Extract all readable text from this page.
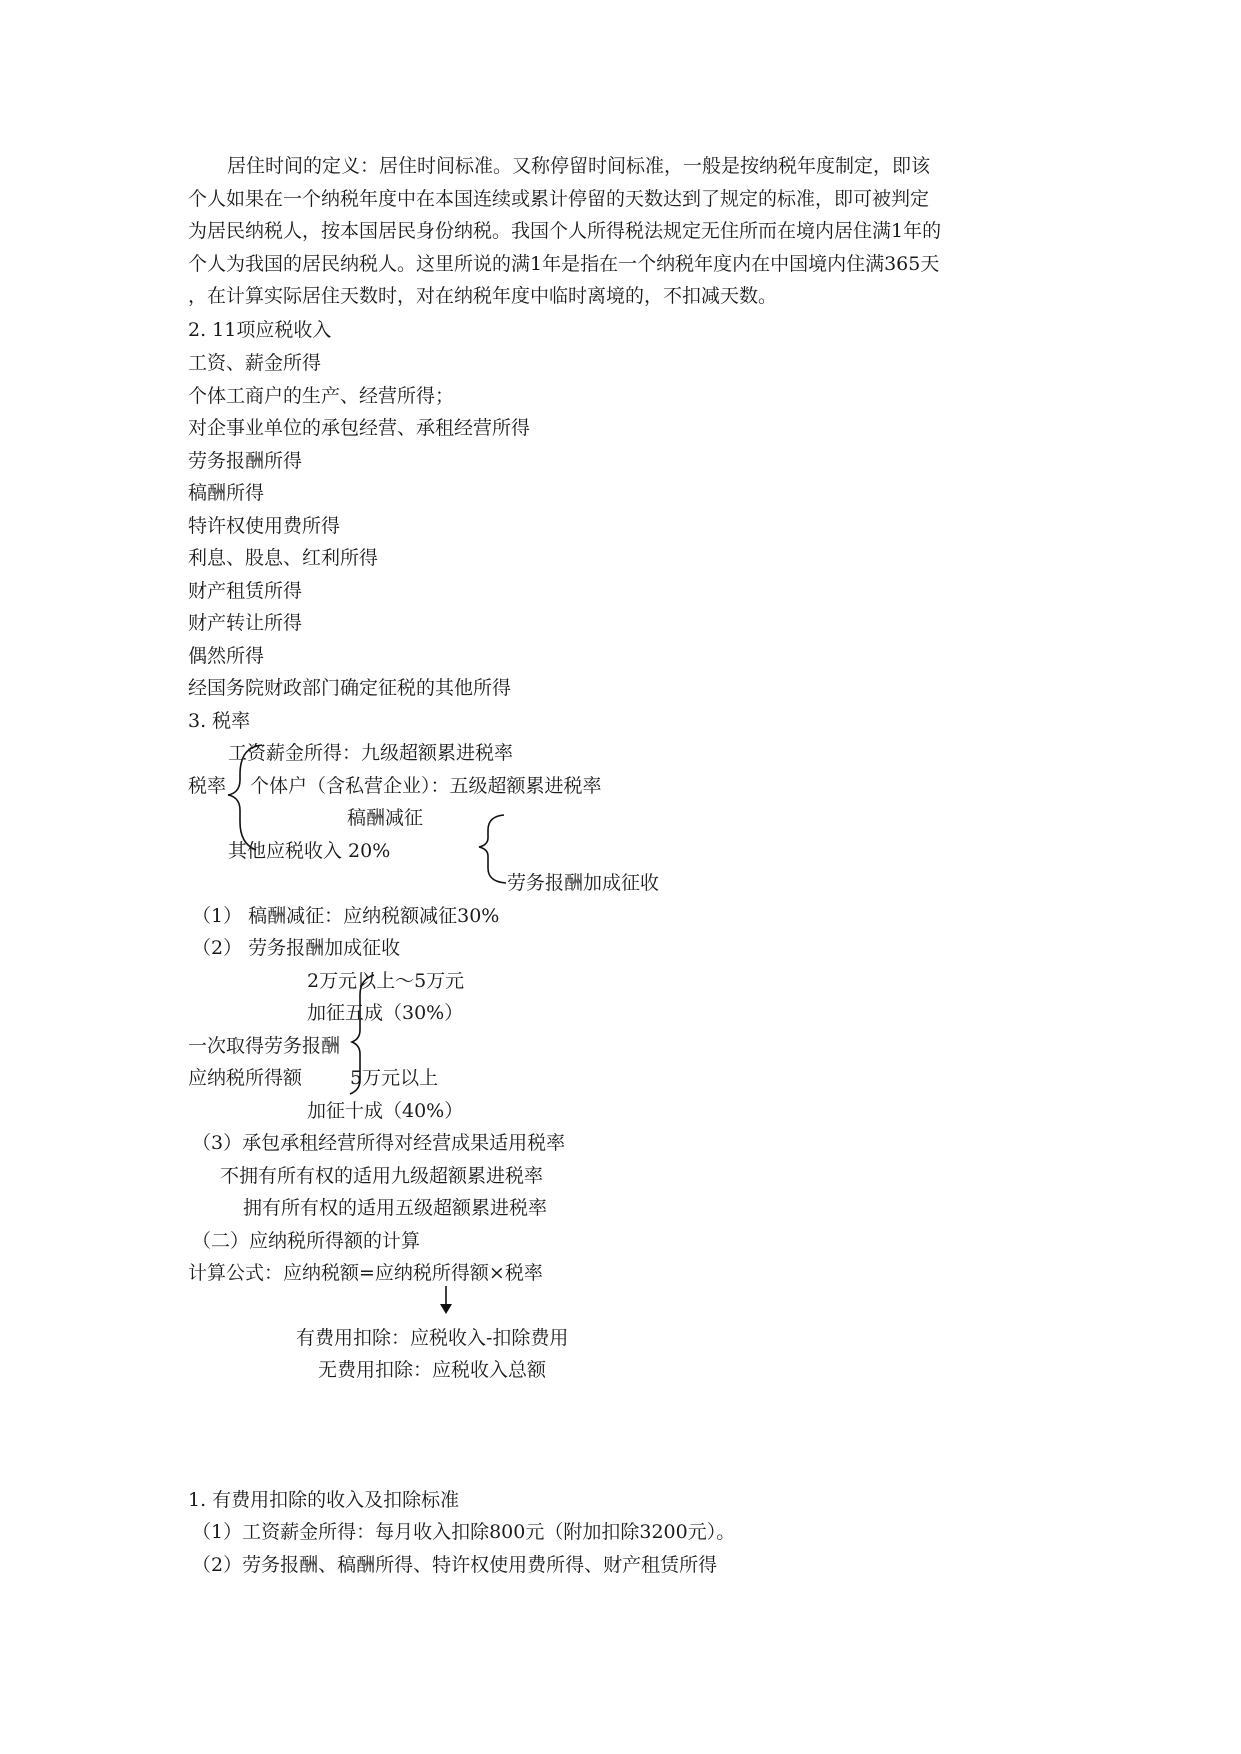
居住时间的定义：居住时间标准。又称停留时间标准，一般是按纳税年度制定，即该
个人如果在一个纳税年度中在本国连续或累计停留的天数达到了规定的标准，即可被判定
为居民纳税人，按本国居民身份纳税。我国个人所得税法规定无住所而在境内居住满1年的
个人为我国的居民纳税人。这里所说的满1年是指在一个纳税年度内在中国境内住满365天
，在计算实际居住天数时，对在纳税年度中临时离境的，不扣减天数。

2. 11项应税收入

工资、薪金所得

个体工商户的生产、经营所得；

对企事业单位的承包经营、承租经营所得

劳务报酬所得

稿酬所得

特许权使用费所得

利息、股息、红利所得

财产租赁所得

财产转让所得

偶然所得

经国务院财政部门确定征税的其他所得

3. 税率

工资薪金所得：九级超额累进税率

税率 个体户（含私营企业）：五级超额累进税率

稿酬减征

其他应税收入 20%

劳务报酬加成征收

（1） 稿酬减征：应纳税额减征30%

（2） 劳务报酬加成征收

2万元以上～5万元

加征五成（30%）

一次取得劳务报酬

应纳税所得额	5万元以上

加征十成（40%）

（3）承包承租经营所得对经营成果适用税率

不拥有所有权的适用九级超额累进税率

拥有所有权的适用五级超额累进税率

（二）应纳税所得额的计算

计算公式：应纳税额=应纳税所得额×税率

有费用扣除：应税收入-扣除费用

无费用扣除：应税收入总额

1. 有费用扣除的收入及扣除标准

（1）工资薪金所得：每月收入扣除800元（附加扣除3200元）。

（2）劳务报酬、稿酬所得、特许权使用费所得、财产租赁所得
